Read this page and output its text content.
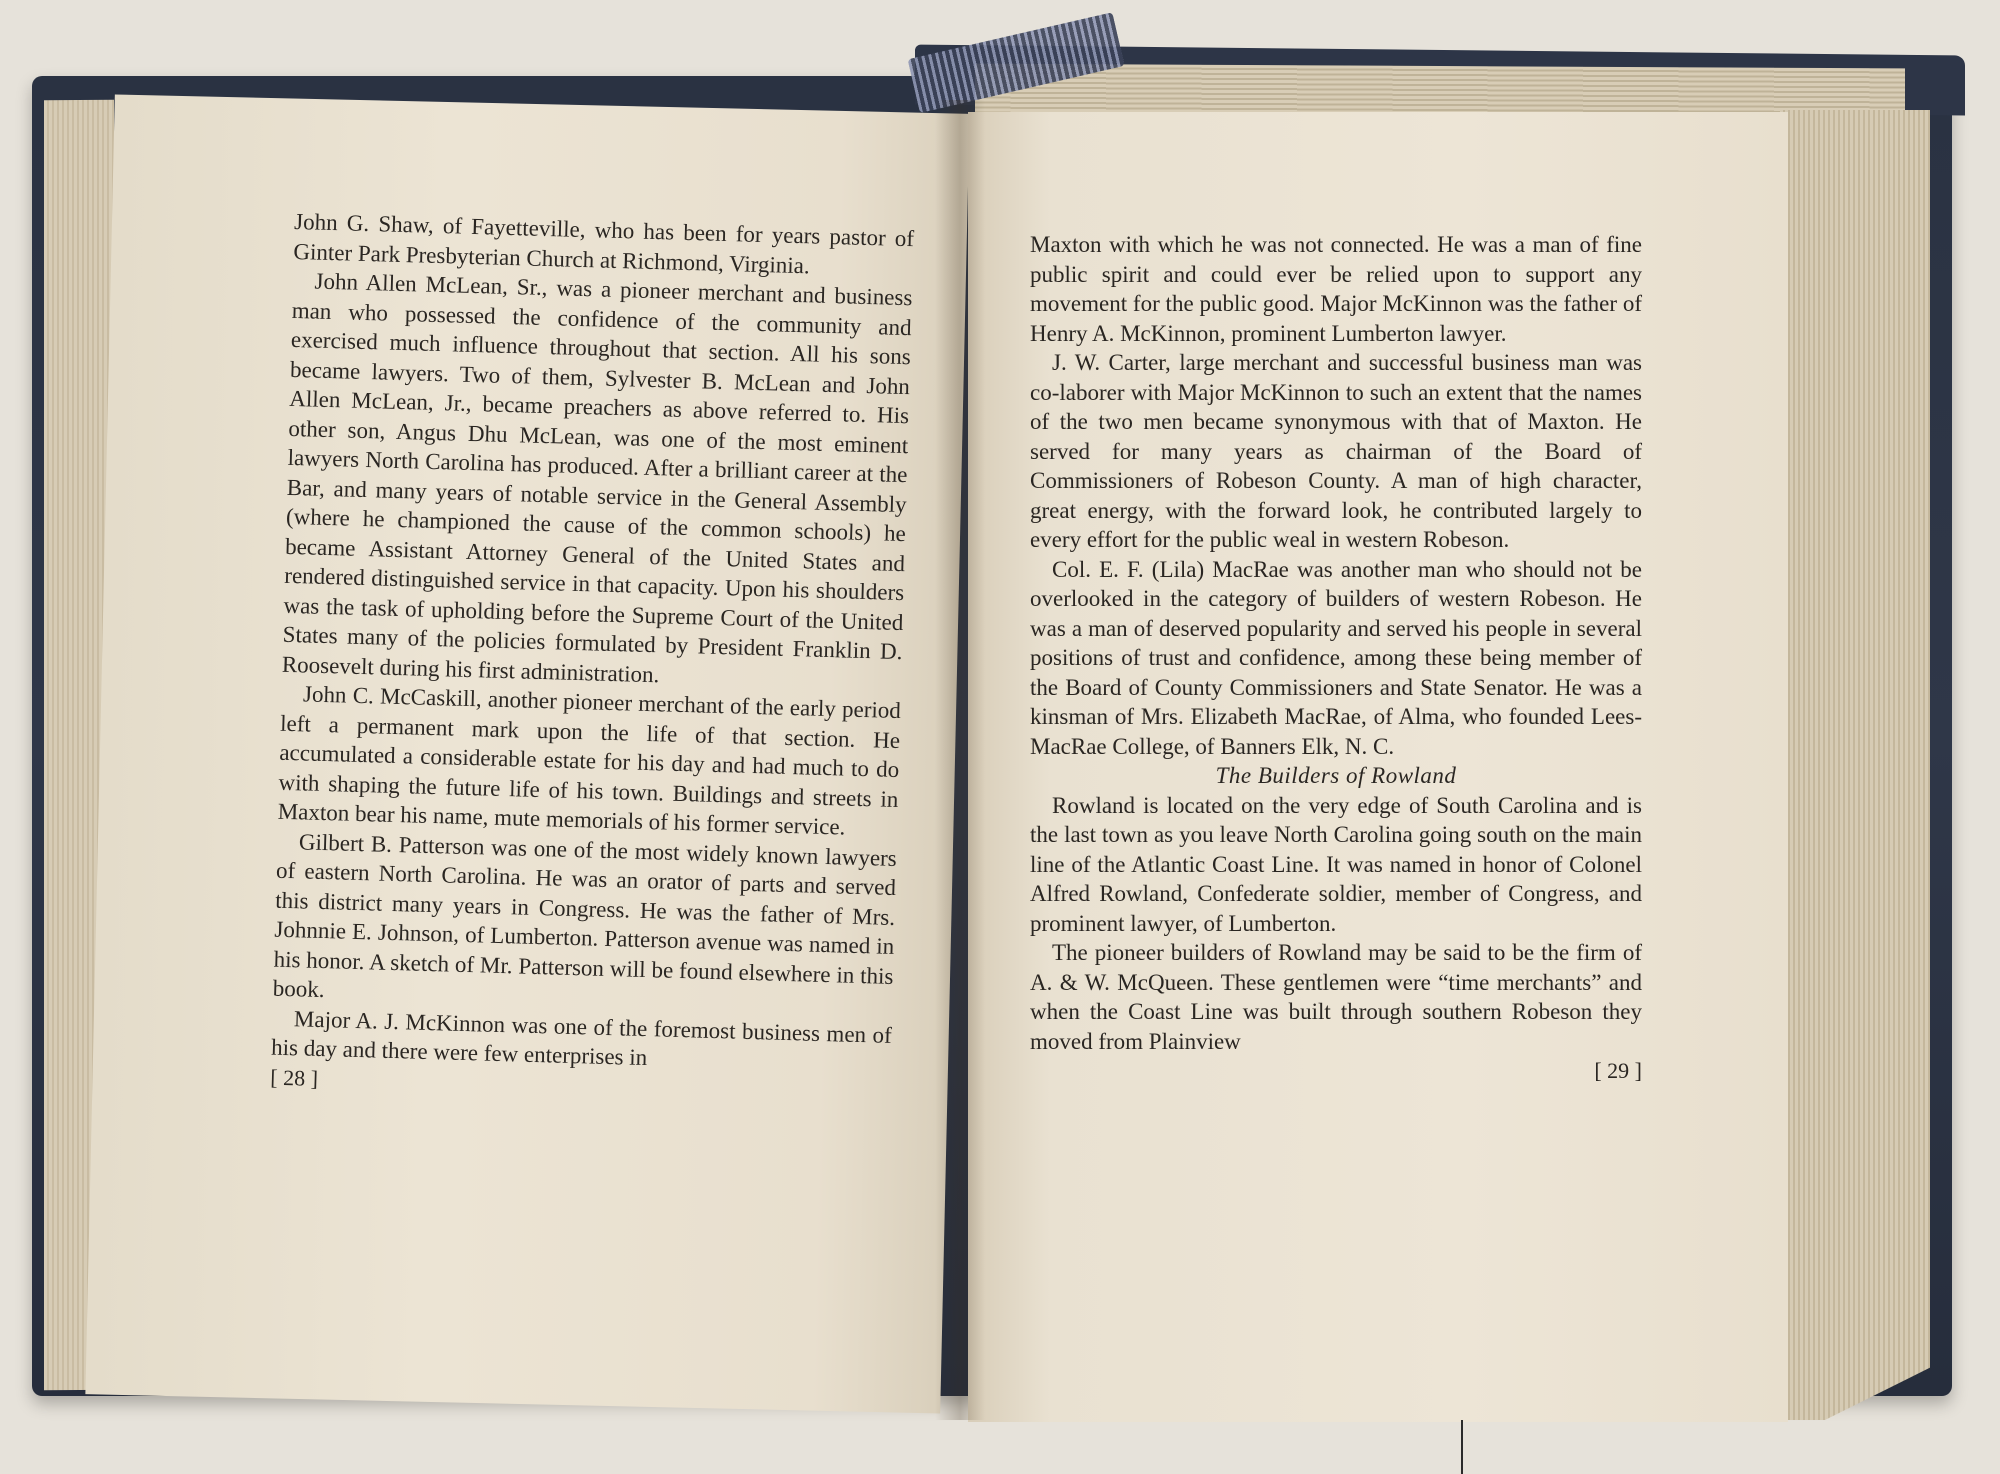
John G. Shaw, of Fayetteville, who has been for years pastor of Ginter Park Presbyterian Church at Richmond, Virginia.

John Allen McLean, Sr., was a pioneer merchant and business man who possessed the confidence of the community and exercised much influence throughout that section. All his sons became lawyers. Two of them, Sylvester B. McLean and John Allen McLean, Jr., became preachers as above referred to. His other son, Angus Dhu McLean, was one of the most eminent lawyers North Carolina has produced. After a brilliant career at the Bar, and many years of notable service in the General Assembly (where he championed the cause of the common schools) he became Assistant Attorney General of the United States and rendered distinguished service in that capacity. Upon his shoulders was the task of upholding before the Supreme Court of the United States many of the policies formulated by President Franklin D. Roosevelt during his first administration.

John C. McCaskill, another pioneer merchant of the early period left a permanent mark upon the life of that section. He accumulated a considerable estate for his day and had much to do with shaping the future life of his town. Buildings and streets in Maxton bear his name, mute memorials of his former service.

Gilbert B. Patterson was one of the most widely known lawyers of eastern North Carolina. He was an orator of parts and served this district many years in Congress. He was the father of Mrs. Johnnie E. Johnson, of Lumberton. Patterson avenue was named in his honor. A sketch of Mr. Patterson will be found elsewhere in this book.

Major A. J. McKinnon was one of the foremost business men of his day and there were few enterprises in

[ 28 ]

Maxton with which he was not connected. He was a man of fine public spirit and could ever be relied upon to support any movement for the public good. Major McKinnon was the father of Henry A. McKinnon, prominent Lumberton lawyer.

J. W. Carter, large merchant and successful business man was co-laborer with Major McKinnon to such an extent that the names of the two men became synonymous with that of Maxton. He served for many years as chairman of the Board of Commissioners of Robeson County. A man of high character, great energy, with the forward look, he contributed largely to every effort for the public weal in western Robeson.

Col. E. F. (Lila) MacRae was another man who should not be overlooked in the category of builders of western Robeson. He was a man of deserved popularity and served his people in several positions of trust and confidence, among these being member of the Board of County Commissioners and State Senator. He was a kinsman of Mrs. Elizabeth MacRae, of Alma, who founded Lees-MacRae College, of Banners Elk, N. C.

The Builders of Rowland

Rowland is located on the very edge of South Carolina and is the last town as you leave North Carolina going south on the main line of the Atlantic Coast Line. It was named in honor of Colonel Alfred Rowland, Confederate soldier, member of Congress, and prominent lawyer, of Lumberton.

The pioneer builders of Rowland may be said to be the firm of A. & W. McQueen. These gentlemen were “time merchants” and when the Coast Line was built through southern Robeson they moved from Plainview

[ 29 ]
